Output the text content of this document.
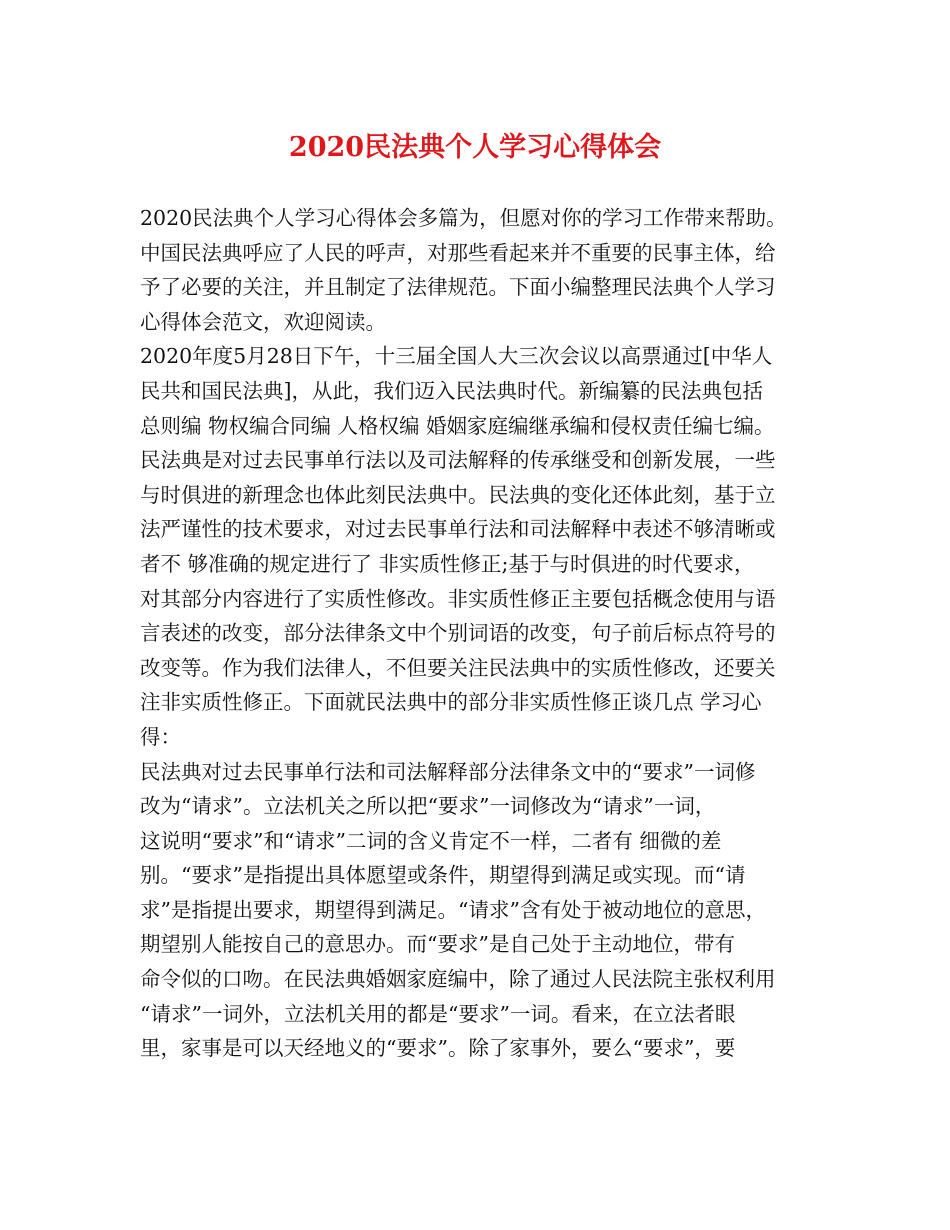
2020民法典个人学习心得体会
2020民法典个人学习心得体会多篇为，但愿对你的学习工作带来帮助。
中国民法典呼应了人民的呼声，对那些看起来并不重要的民事主体，给
予了必要的关注，并且制定了法律规范。下面小编整理民法典个人学习
心得体会范文，欢迎阅读。
2020年度5月28日下午，十三届全国人大三次会议以高票通过[中华人
民共和国民法典]，从此，我们迈入民法典时代。新编纂的民法典包括
总则编 物权编合同编 人格权编 婚姻家庭编继承编和侵权责任编七编。
民法典是对过去民事单行法以及司法解释的传承继受和创新发展，一些
与时俱进的新理念也体此刻民法典中。民法典的变化还体此刻，基于立
法严谨性的技术要求，对过去民事单行法和司法解释中表述不够清晰或
者不 够准确的规定进行了 非实质性修正;基于与时俱进的时代要求，
对其部分内容进行了实质性修改。非实质性修正主要包括概念使用与语
言表述的改变，部分法律条文中个别词语的改变，句子前后标点符号的
改变等。作为我们法律人，不但要关注民法典中的实质性修改，还要关
注非实质性修正。下面就民法典中的部分非实质性修正谈几点 学习心
得：
民法典对过去民事单行法和司法解释部分法律条文中的“要求”一词修
改为“请求”。立法机关之所以把“要求”一词修改为“请求”一词，
这说明“要求”和“请求”二词的含义肯定不一样，二者有 细微的差
别。“要求”是指提出具体愿望或条件，期望得到满足或实现。而“请
求”是指提出要求，期望得到满足。“请求”含有处于被动地位的意思，
期望别人能按自己的意思办。而“要求”是自己处于主动地位，带有
命令似的口吻。在民法典婚姻家庭编中，除了通过人民法院主张权利用
“请求”一词外，立法机关用的都是“要求”一词。看来，在立法者眼
里，家事是可以天经地义的“要求”。除了家事外，要么“要求”，要
